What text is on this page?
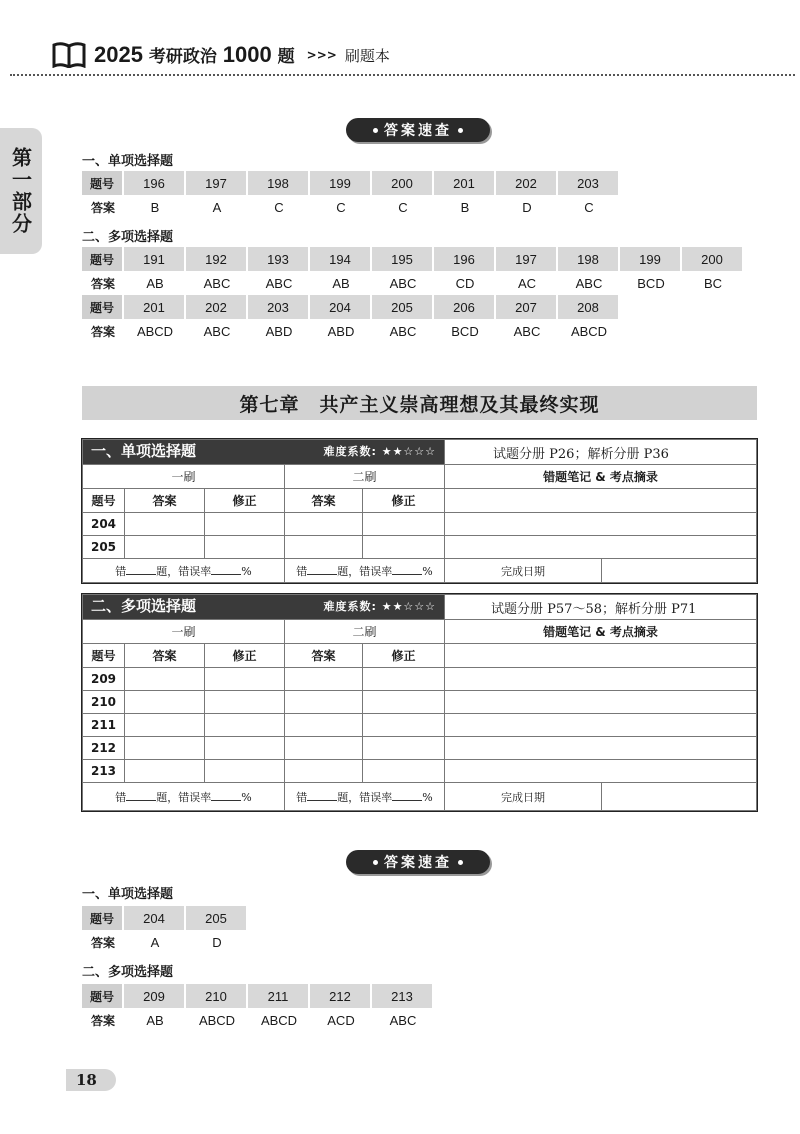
2025 考研政治 1000 题 >>> 刷题本
第一部分
答案速查
一、单项选择题
题号	196	197	198	199	200	201	202	203
答案	B	A	C	C	C	B	D	C
二、多项选择题
题号	191	192	193	194	195	196	197	198	199	200
答案	AB	ABC	ABC	AB	ABC	CD	AC	ABC	BCD	BC
题号	201	202	203	204	205	206	207	208
答案	ABCD	ABC	ABD	ABD	ABC	BCD	ABC	ABCD
第七章　共产主义崇高理想及其最终实现
一、单项选择题 难度系数: ★★☆☆☆					试题分册 P26；解析分册 P36
一刷			二刷		错题笔记 & 考点摘录
题号	答案	修正	答案	修正	
204					
205					
错 题，错误率 %			错 题，错误率 %		完成日期
二、多项选择题 难度系数: ★★☆☆☆					试题分册 P57～58；解析分册 P71
一刷			二刷		错题笔记 & 考点摘录
题号	答案	修正	答案	修正	
209					
210					
211					
212					
213					
错 题，错误率 %			错 题，错误率 %		完成日期
答案速查
一、单项选择题
题号	204	205
答案	A	D
二、多项选择题
题号	209	210	211	212	213
答案	AB	ABCD	ABCD	ACD	ABC
18
